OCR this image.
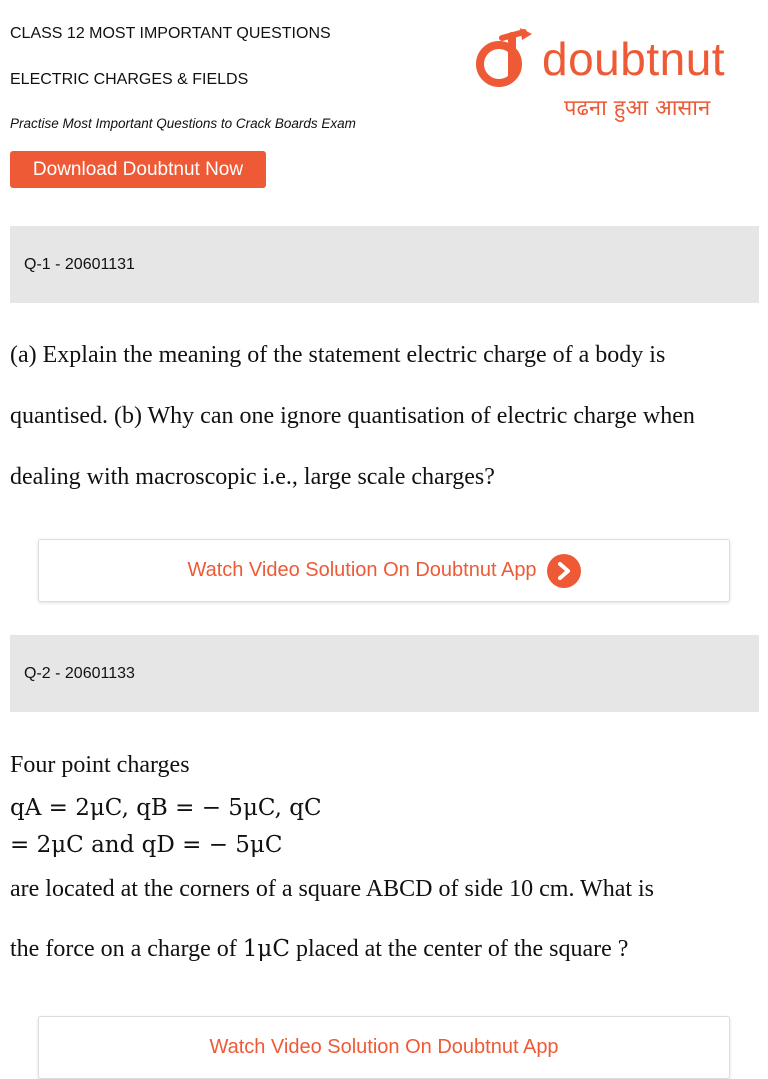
CLASS 12 MOST IMPORTANT QUESTIONS
ELECTRIC CHARGES & FIELDS
Practise Most Important Questions to Crack Boards Exam
Download Doubtnut Now
doubtnut
पढना हुआ आसान
Q-1 - 20601131
(a) Explain the meaning of the statement electric charge of a body is quantised. (b) Why can one ignore quantisation of electric charge when dealing with macroscopic i.e., large scale charges?
Watch Video Solution On Doubtnut App
Q-2 - 20601133
Four point charges
qA = 2μC, qB = − 5μC, qC
= 2μC and qD = − 5μC
are located at the corners of a square ABCD of side 10 cm. What is
the force on a charge of 1μC placed at the center of the square ?
Watch Video Solution On Doubtnut App
